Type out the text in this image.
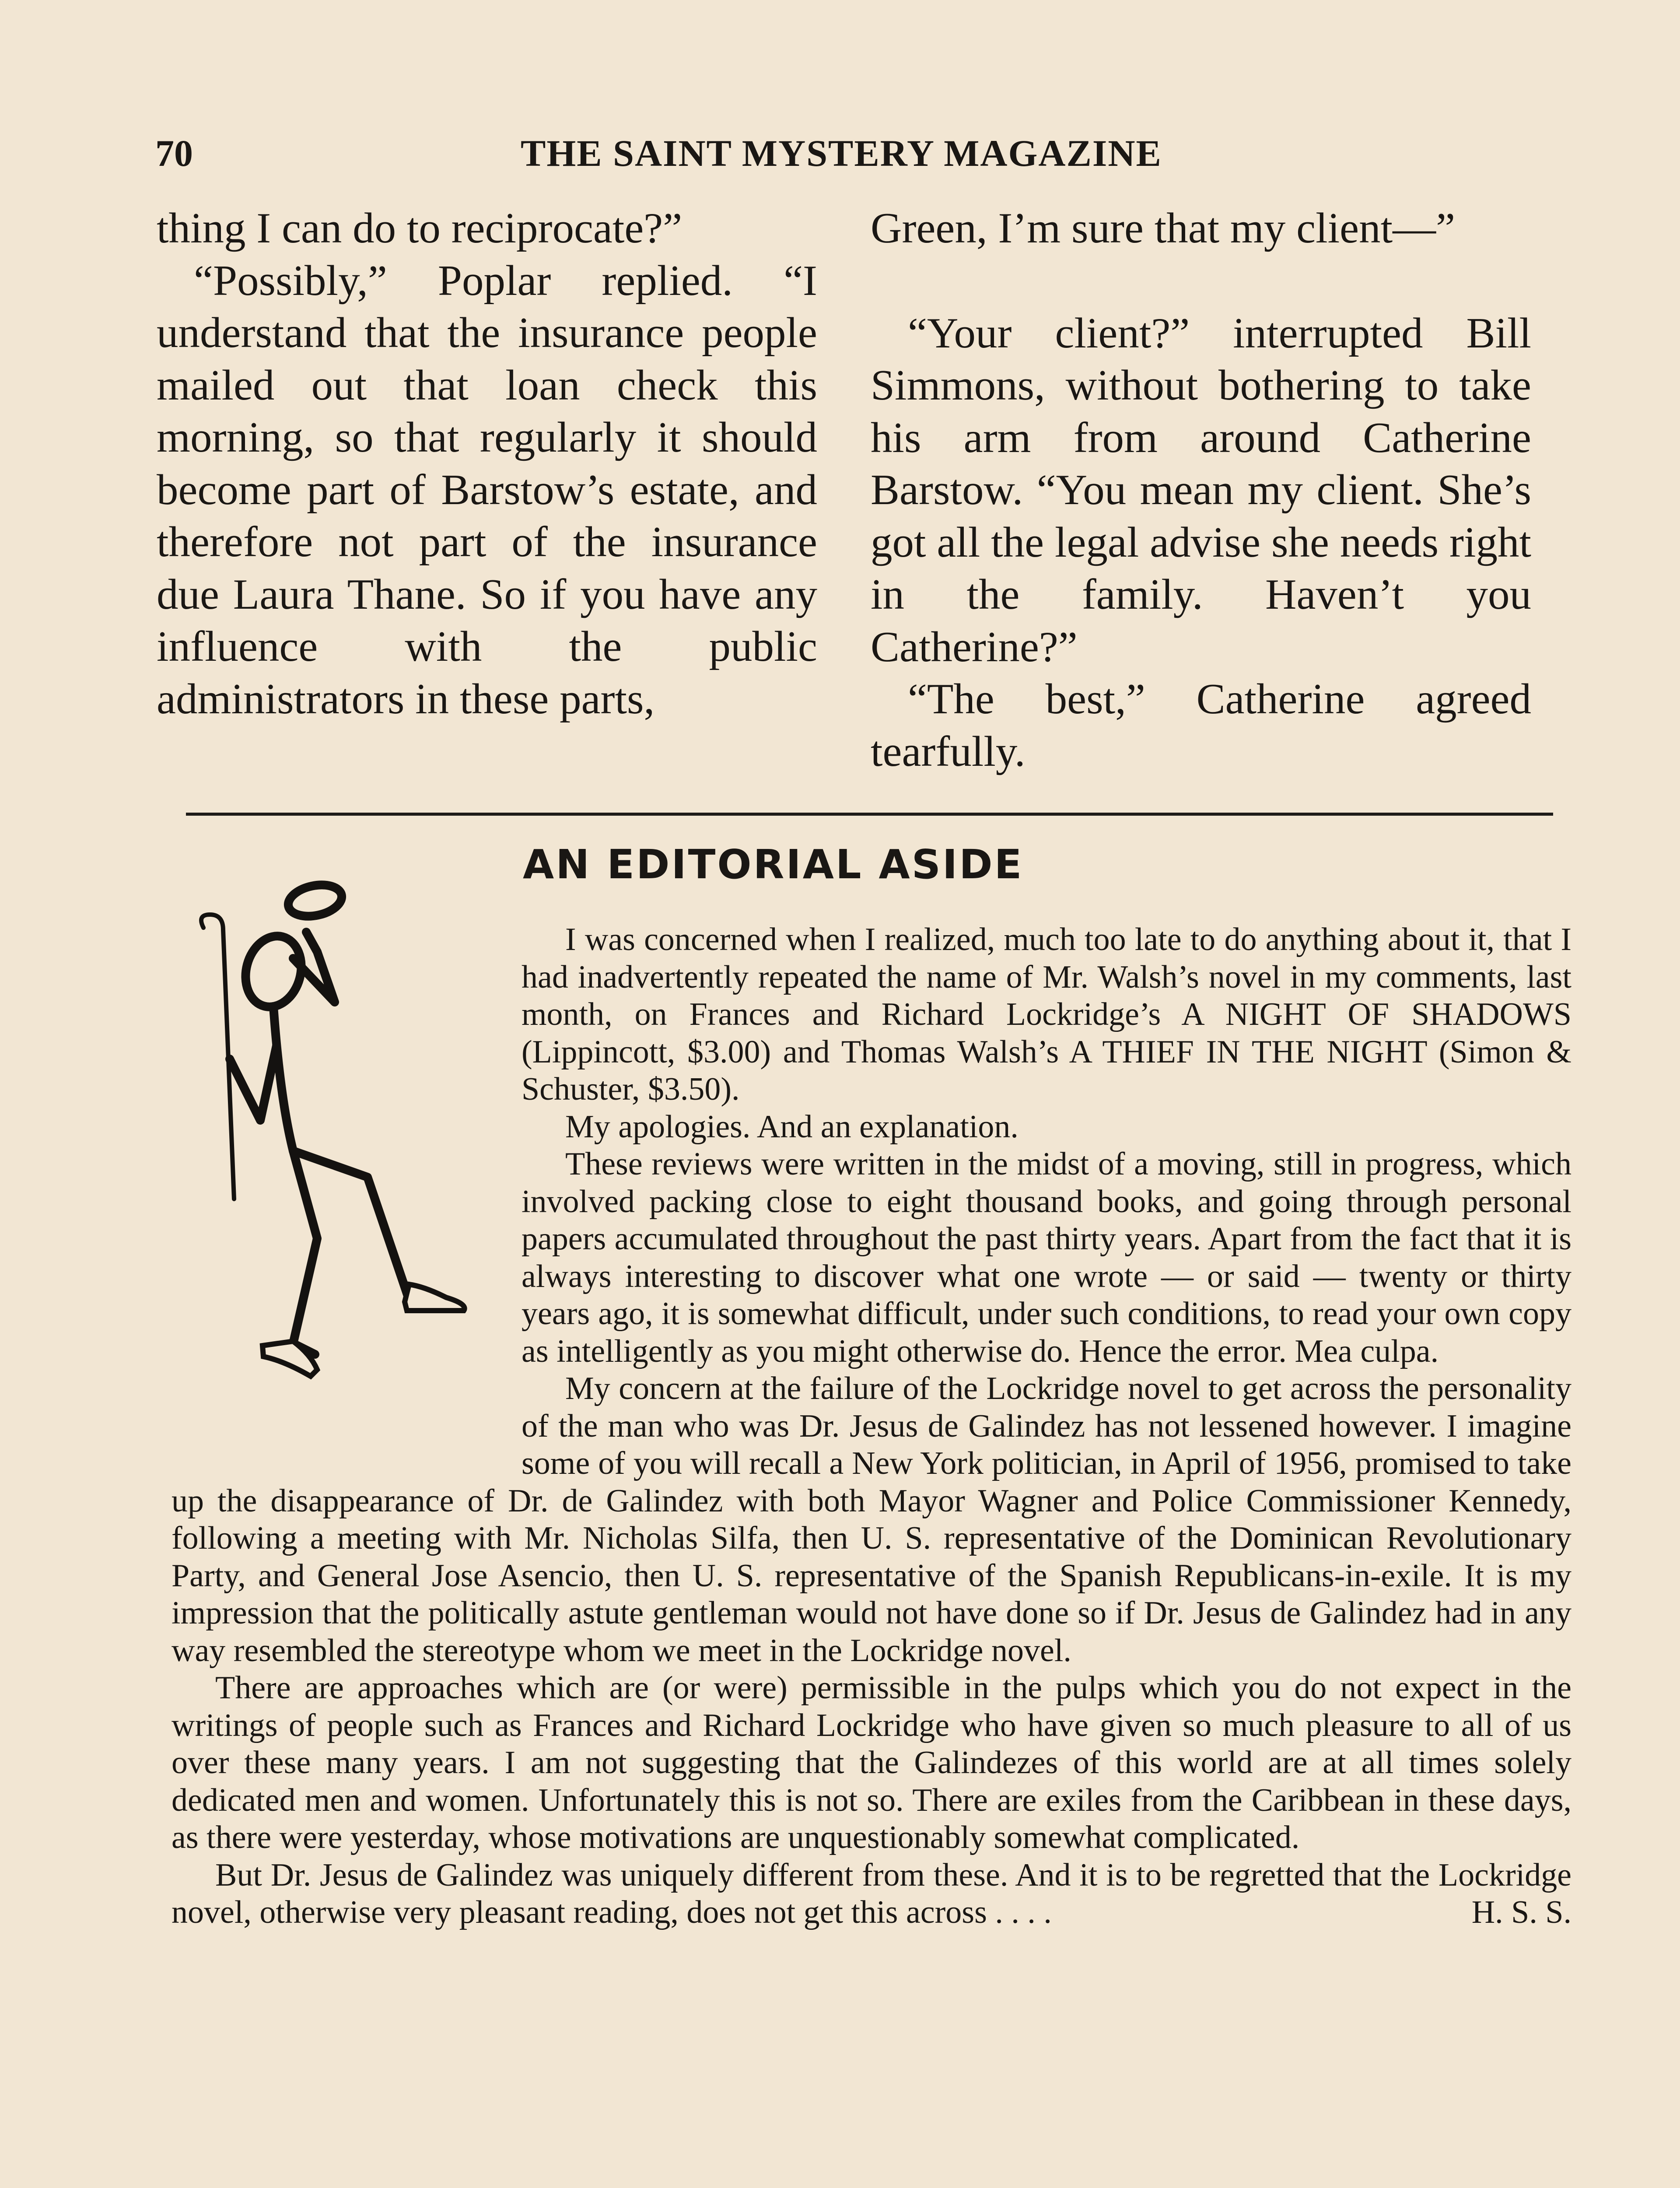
70	THE SAINT MYSTERY MAGAZINE

thing I can do to reciprocate?”

“Possibly,” Poplar replied. “I understand that the insurance people mailed out that loan check this morning, so that regularly it should become part of Barstow’s estate, and therefore not part of the insurance due Laura Thane. So if you have any influence with the public administrators in these parts,

Green, I’m sure that my client—”

“Your client?” interrupted Bill Simmons, without bothering to take his arm from around Catherine Barstow. “You mean my client. She’s got all the legal advise she needs right in the family. Haven’t you Catherine?”

“The best,” Catherine agreed tearfully.

AN EDITORIAL ASIDE

I was concerned when I realized, much too late to do anything about it, that I had inadvertently repeated the name of Mr. Walsh’s novel in my comments, last month, on Frances and Richard Lockridge’s A NIGHT OF SHADOWS (Lippincott, $3.00) and Thomas Walsh’s A THIEF IN THE NIGHT (Simon & Schuster, $3.50).

My apologies. And an explanation.

These reviews were written in the midst of a moving, still in progress, which involved packing close to eight thousand books, and going through personal papers accumulated throughout the past thirty years. Apart from the fact that it is always interesting to discover what one wrote — or said — twenty or thirty years ago, it is somewhat difficult, under such conditions, to read your own copy as intelligently as you might otherwise do. Hence the error. Mea culpa.

My concern at the failure of the Lockridge novel to get across the personality of the man who was Dr. Jesus de Galindez has not lessened however. I imagine some of you will recall a New York politician, in April of 1956, promised to take up the disappearance of Dr. de Galindez with both Mayor Wagner and Police Commissioner Kennedy, following a meeting with Mr. Nicholas Silfa, then U. S. representative of the Dominican Revolutionary Party, and General Jose Asencio, then U. S. representative of the Spanish Republicans-in-exile. It is my impression that the politically astute gentleman would not have done so if Dr. Jesus de Galindez had in any way resembled the stereotype whom we meet in the Lockridge novel.

There are approaches which are (or were) permissible in the pulps which you do not expect in the writings of people such as Frances and Richard Lockridge who have given so much pleasure to all of us over these many years. I am not suggesting that the Galindezes of this world are at all times solely dedicated men and women. Unfortunately this is not so. There are exiles from the Caribbean in these days, as there were yesterday, whose motivations are unquestionably somewhat complicated.

But Dr. Jesus de Galindez was uniquely different from these. And it is to be regretted that the Lockridge novel, otherwise very pleasant reading, does not get this across . . . .	H. S. S.
